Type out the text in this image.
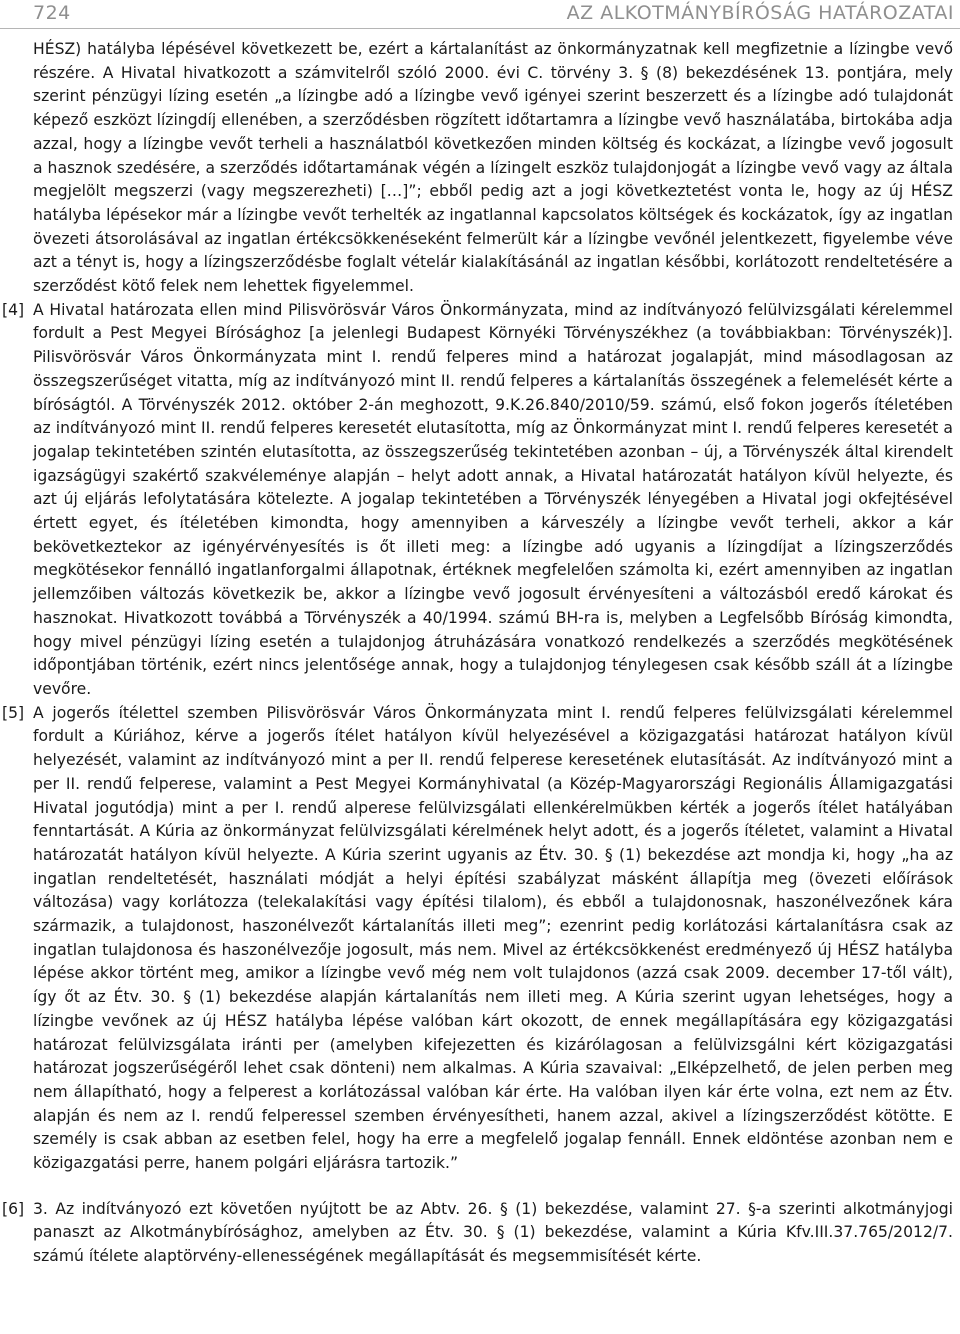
724	AZ ALKOTMÁNYBÍRÓSÁG HATÁROZATAI
HÉSZ) hatályba lépésével következett be, ezért a kártalanítást az önkormányzatnak kell megfizetnie a lízingbe vevő részére. A Hivatal hivatkozott a számvitelről szóló 2000. évi C. törvény 3. § (8) bekezdésének 13. pontjára, mely szerint pénzügyi lízing esetén „a lízingbe adó a lízingbe vevő igényei szerint beszerzett és a lízingbe adó tulajdonát képező eszközt lízingdíj ellenében, a szerződésben rögzített időtartamra a lízingbe vevő használatába, birtokába adja azzal, hogy a lízingbe vevőt terheli a használatból következően minden költség és kockázat, a lízingbe vevő jogosult a hasznok szedésére, a szerződés időtartamának végén a lízingelt eszköz tulajdonjogát a lízingbe vevő vagy az általa megjelölt megszerzi (vagy megszerezheti) […]”; ebből pedig azt a jogi következtetést vonta le, hogy az új HÉSZ hatályba lépésekor már a lízingbe vevőt terhelték az ingatlannal kapcsolatos költségek és kockázatok, így az ingatlan övezeti átsorolásával az ingatlan értékcsökkenéseként felmerült kár a lízingbe vevőnél jelentkezett, figyelembe véve azt a tényt is, hogy a lízingszerződésbe foglalt vételár kialakításánál az ingatlan későbbi, korlátozott rendeltetésére a szerződést kötő felek nem lehettek figyelemmel.
[4] A Hivatal határozata ellen mind Pilisvörösvár Város Önkormányzata, mind az indítványozó felülvizsgálati kérelemmel fordult a Pest Megyei Bírósághoz [a jelenlegi Budapest Környéki Törvényszékhez (a továbbiakban: Törvényszék)]. Pilisvörösvár Város Önkormányzata mint I. rendű felperes mind a határozat jogalapját, mind másodlagosan az összegszerűséget vitatta, míg az indítványozó mint II. rendű felperes a kártalanítás összegének a felemelését kérte a bíróságtól. A Törvényszék 2012. október 2-án meghozott, 9.K.26.840/2010/59. számú, első fokon jogerős ítéletében az indítványozó mint II. rendű felperes keresetét elutasította, míg az Önkormányzat mint I. rendű felperes keresetét a jogalap tekintetében szintén elutasította, az összegszerűség tekintetében azonban – új, a Törvényszék által kirendelt igazságügyi szakértő szakvéleménye alapján – helyt adott annak, a Hivatal határozatát hatályon kívül helyezte, és azt új eljárás lefolytatására kötelezte. A jogalap tekintetében a Törvényszék lényegében a Hivatal jogi okfejtésével értett egyet, és ítéletében kimondta, hogy amennyiben a kárveszély a lízingbe vevőt terheli, akkor a kár bekövetkeztekor az igényérvényesítés is őt illeti meg: a lízingbe adó ugyanis a lízingdíjat a lízingszerződés megkötésekor fennálló ingatlanforgalmi állapotnak, értéknek megfelelően számolta ki, ezért amennyiben az ingatlan jellemzőiben változás következik be, akkor a lízingbe vevő jogosult érvényesíteni a változásból eredő károkat és hasznokat. Hivatkozott továbbá a Törvényszék a 40/1994. számú BH-ra is, melyben a Legfelsőbb Bíróság kimondta, hogy mivel pénzügyi lízing esetén a tulajdonjog átruházására vonatkozó rendelkezés a szerződés megkötésének időpontjában történik, ezért nincs jelentősége annak, hogy a tulajdonjog ténylegesen csak később száll át a lízingbe vevőre.
[5] A jogerős ítélettel szemben Pilisvörösvár Város Önkormányzata mint I. rendű felperes felülvizsgálati kérelemmel fordult a Kúriához, kérve a jogerős ítélet hatályon kívül helyezésével a közigazgatási határozat hatályon kívül helyezését, valamint az indítványozó mint a per II. rendű felperese keresetének elutasítását. Az indítványozó mint a per II. rendű felperese, valamint a Pest Megyei Kormányhivatal (a Közép-Magyarországi Regionális Államigazgatási Hivatal jogutódja) mint a per I. rendű alperese felülvizsgálati ellenkérelmükben kérték a jogerős ítélet hatályában fenntartását. A Kúria az önkormányzat felülvizsgálati kérelmének helyt adott, és a jogerős ítéletet, valamint a Hivatal határozatát hatályon kívül helyezte. A Kúria szerint ugyanis az Étv. 30. § (1) bekezdése azt mondja ki, hogy „ha az ingatlan rendeltetését, használati módját a helyi építési szabályzat másként állapítja meg (övezeti előírások változása) vagy korlátozza (telekalakítási vagy építési tilalom), és ebből a tulajdonosnak, haszonélvezőnek kára származik, a tulajdonost, haszonélvezőt kártalanítás illeti meg”; ezenrint pedig korlátozási kártalanításra csak az ingatlan tulajdonosa és haszonélvezője jogosult, más nem. Mivel az értékcsökkenést eredményező új HÉSZ hatályba lépése akkor történt meg, amikor a lízingbe vevő még nem volt tulajdonos (azzá csak 2009. december 17-től vált), így őt az Étv. 30. § (1) bekezdése alapján kártalanítás nem illeti meg. A Kúria szerint ugyan lehetséges, hogy a lízingbe vevőnek az új HÉSZ hatályba lépése valóban kárt okozott, de ennek megállapítására egy közigazgatási határozat felülvizsgálata iránti per (amelyben kifejezetten és kizárólagosan a felülvizsgálni kért közigazgatási határozat jogszerűségéről lehet csak dönteni) nem alkalmas. A Kúria szavaival: „Elképzelhető, de jelen perben meg nem állapítható, hogy a felperest a korlátozással valóban kár érte. Ha valóban ilyen kár érte volna, ezt nem az Étv. alapján és nem az I. rendű felperessel szemben érvényesítheti, hanem azzal, akivel a lízingszerződést kötötte. E személy is csak abban az esetben felel, hogy ha erre a megfelelő jogalap fennáll. Ennek eldöntése azonban nem e közigazgatási perre, hanem polgári eljárásra tartozik.”
[6] 3. Az indítványozó ezt követően nyújtott be az Abtv. 26. § (1) bekezdése, valamint 27. §-a szerinti alkotmányjogi panaszt az Alkotmánybírósághoz, amelyben az Étv. 30. § (1) bekezdése, valamint a Kúria Kfv.III.37.765/2012/7. számú ítélete alaptörvény-ellenességének megállapítását és megsemmisítését kérte.
